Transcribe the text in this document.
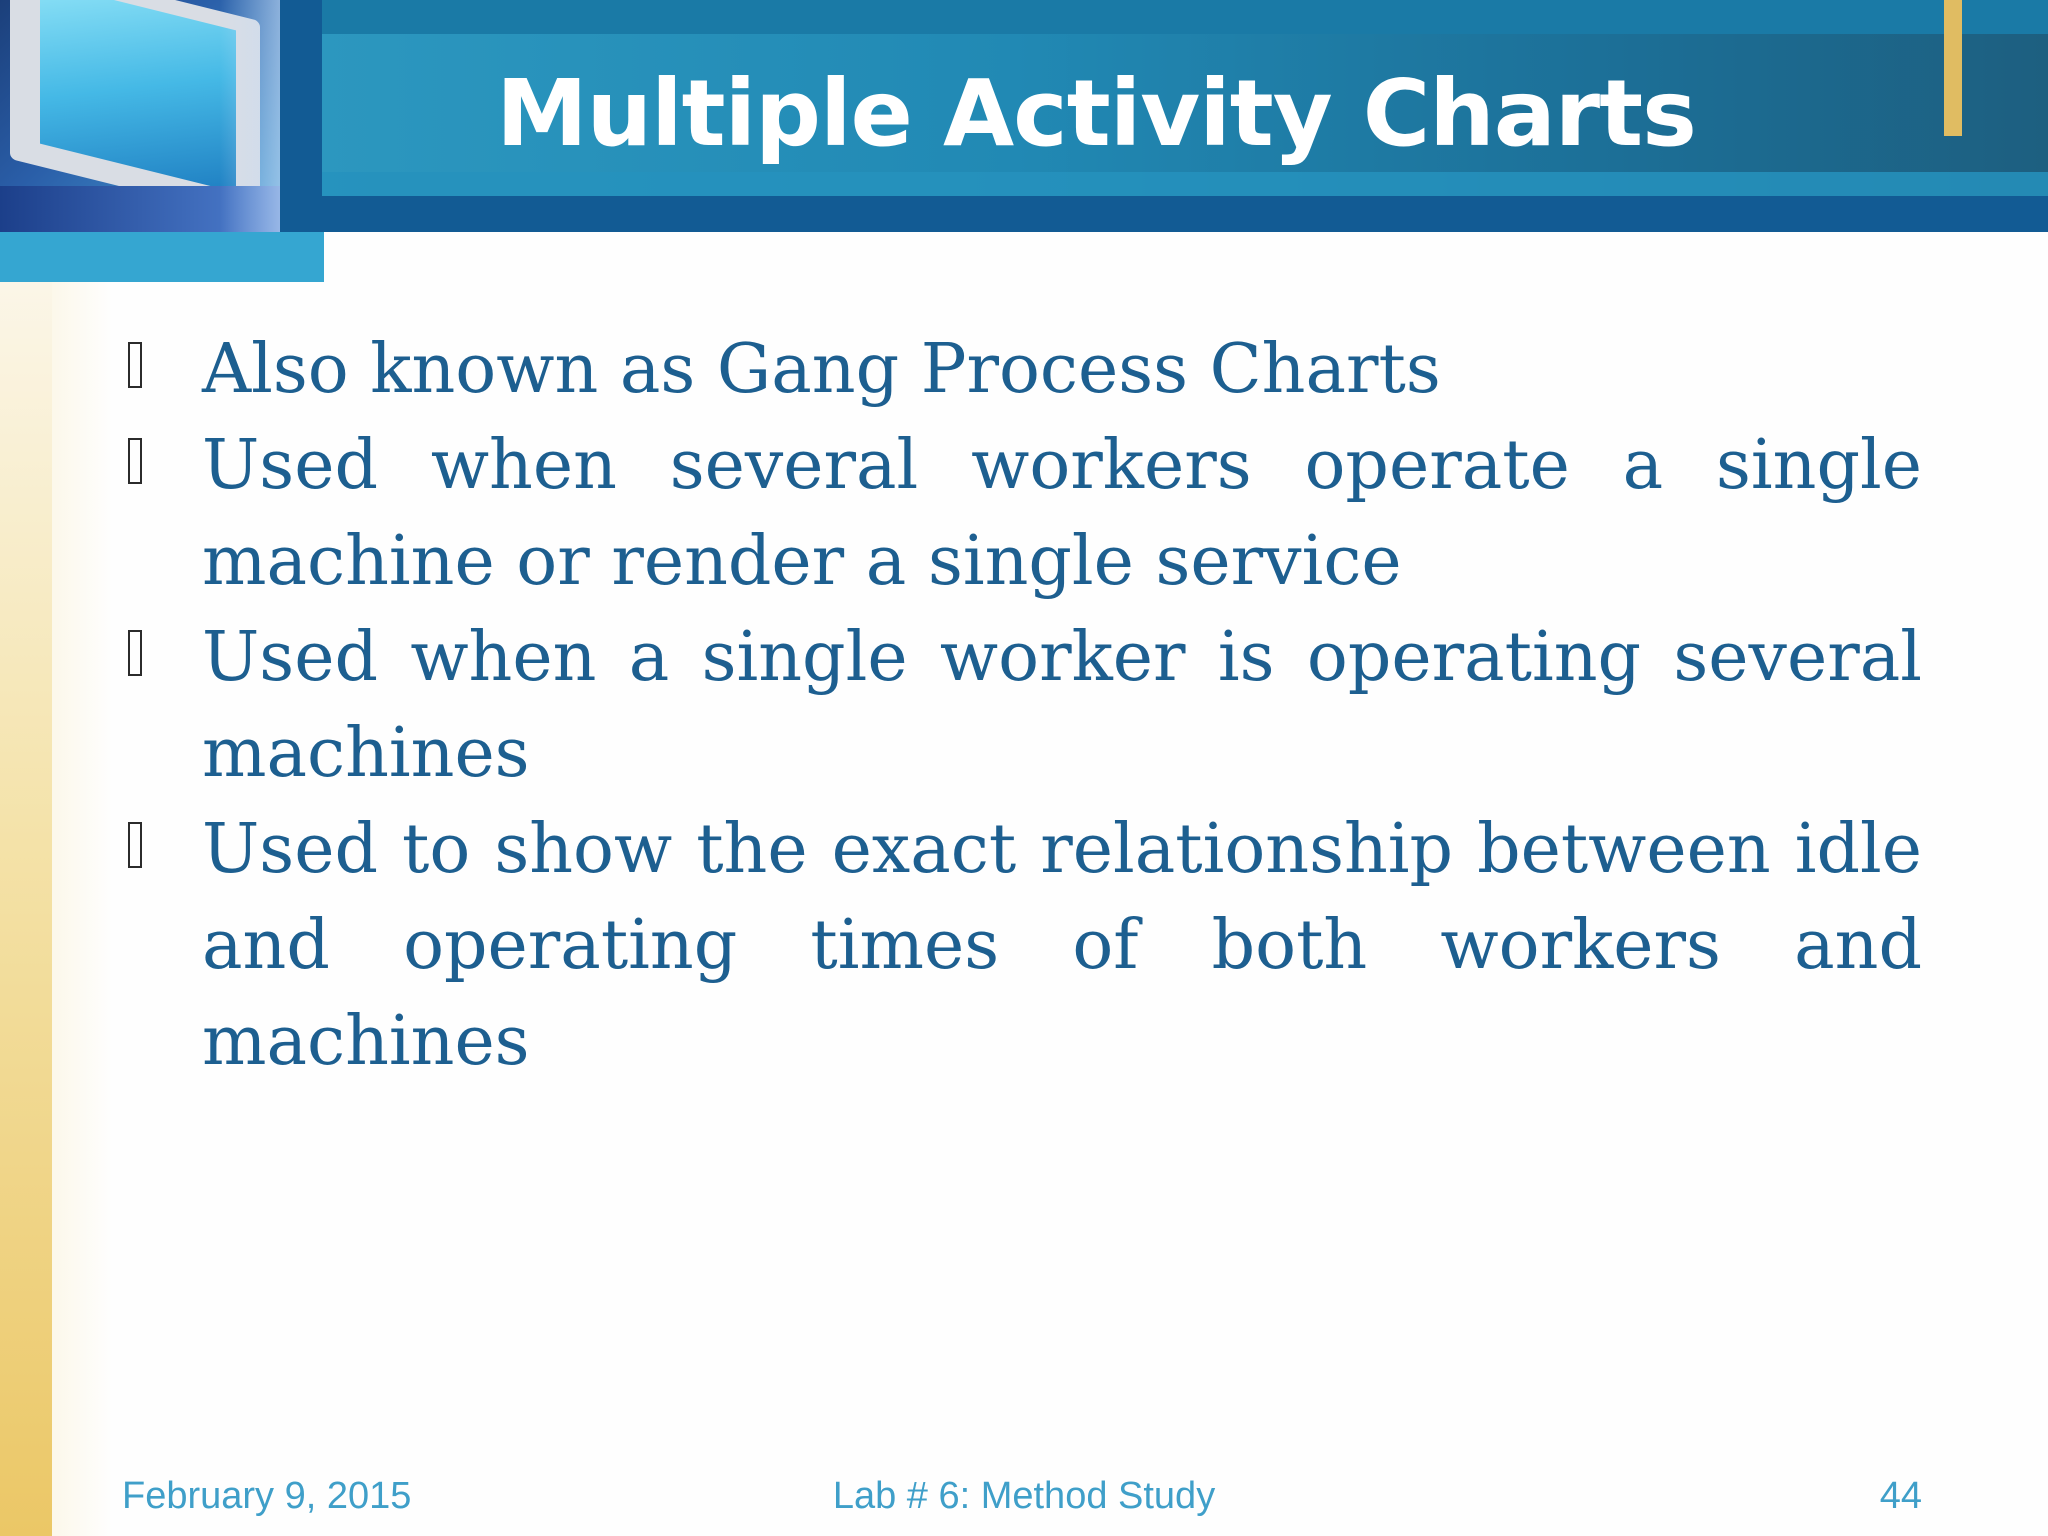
Multiple Activity Charts
Also known as Gang Process Charts
Used when several workers operate a single machine or render a single service
Used when a single worker is operating several machines
Used to show the exact relationship between idle and operating times of both workers and machines
February 9, 2015	Lab # 6: Method Study	44
